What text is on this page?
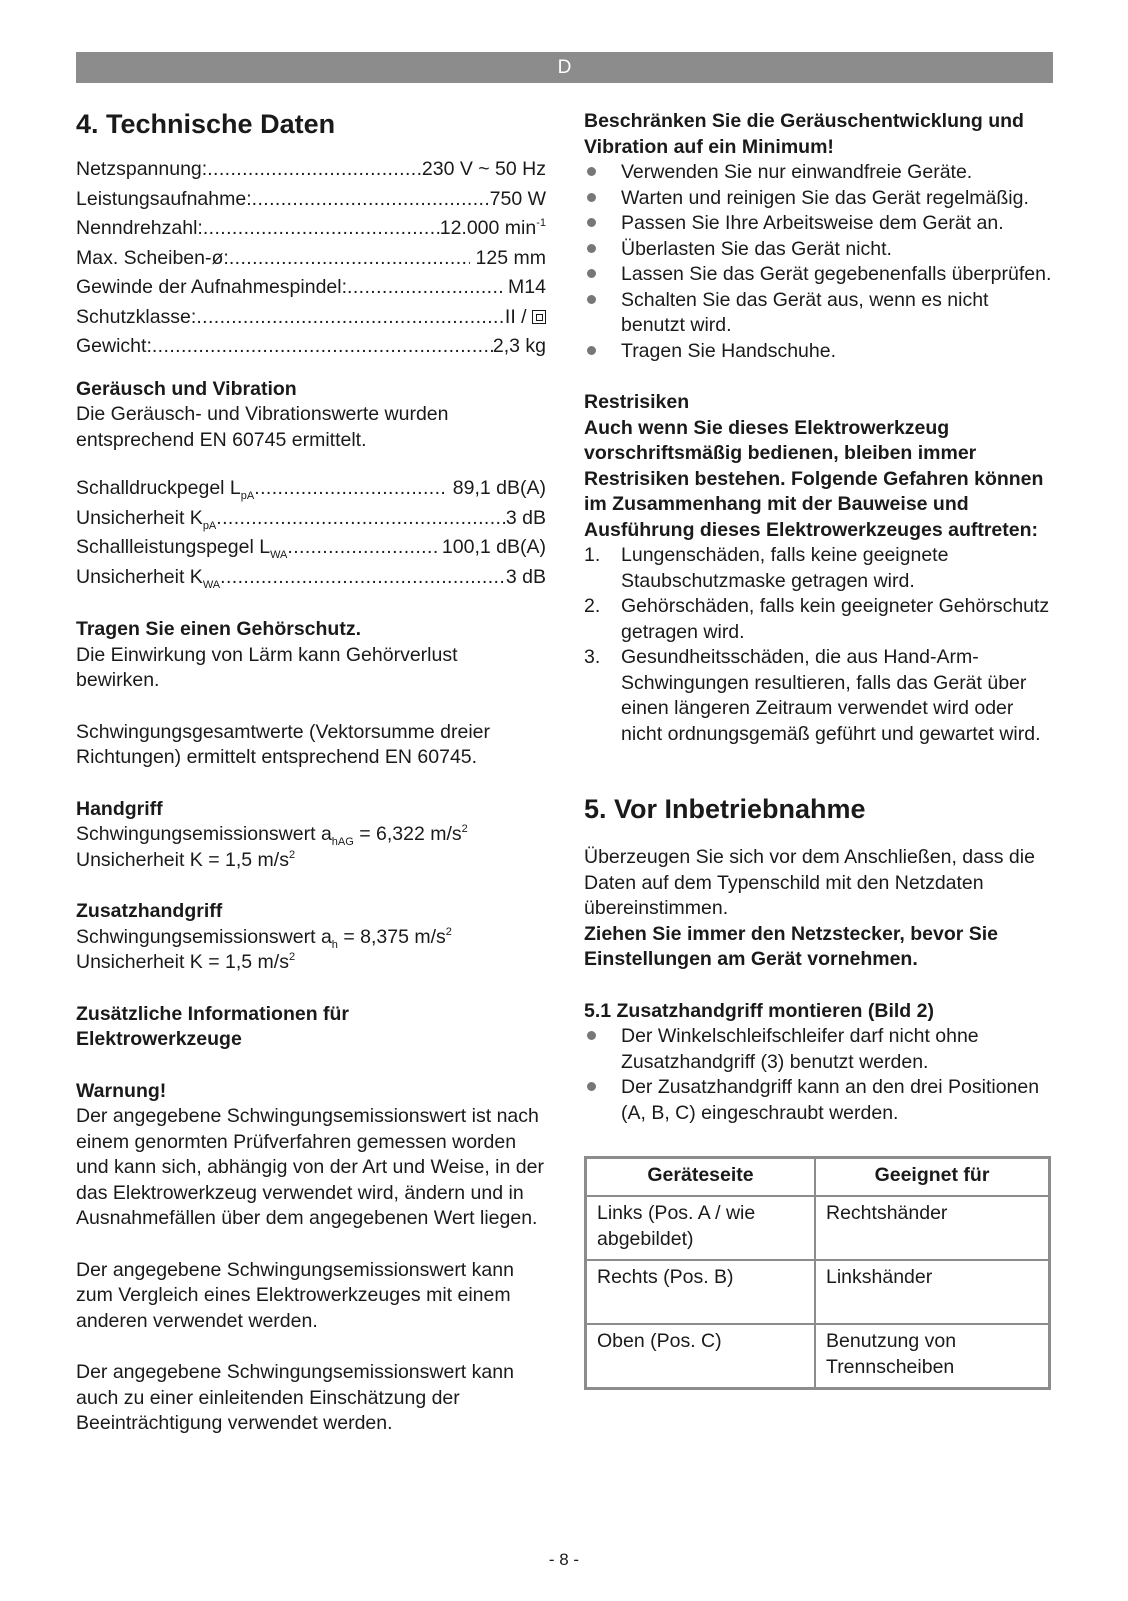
D
4. Technische Daten
Netzspannung: .....	230 V ~ 50 Hz
Leistungsaufnahme: .....	750 W
Nenndrehzahl: .....	12.000 $\min^{-1}$
Max. Scheiben-ø: .....	125 mm
Gewinde der Aufnahmespindel: .....	M14
Schutzklasse: .....	II /
Gewicht: .....	2,3 kg

Geräusch und Vibration

Die Geräusch- und Vibrationswerte wurden entsprechend EN 60745 ermittelt.

Schalldruckpegel $L_{pA}$ .....	89,1 dB(A)
Unsicherheit $K_{pA}$ .....	3 dB
Schallleistungspegel $L_{WA}$ .....	100,1 dB(A)
Unsicherheit $K_{WA}$ .....	3 dB

Tragen Sie einen Gehörschutz.

Die Einwirkung von Lärm kann Gehörverlust bewirken.

Schwingungsgesamtwerte (Vektorsumme dreier Richtungen) ermittelt entsprechend EN 60745.

Handgriff

Schwingungsemissionswert $a_{hAG} = 6,322$ $m/s^2$

Unsicherheit K = 1,5 $m/s^2$

Zusatzhandgriff

Schwingungsemissionswert $a_h = 8,375$ $m/s^2$

Unsicherheit K = 1,5 $m/s^2$

Zusätzliche Informationen für Elektrowerkzeuge

Warnung!

Der angegebene Schwingungsemissionswert ist nach einem genormten Prüfverfahren gemessen worden und kann sich, abhängig von der Art und Weise, in der das Elektrowerkzeug verwendet wird, ändern und in Ausnahmefällen über dem angegebenen Wert liegen.

Der angegebene Schwingungsemissionswert kann zum Vergleich eines Elektrowerkzeuges mit einem anderen verwendet werden.

Der angegebene Schwingungsemissionswert kann auch zu einer einleitenden Einschätzung der Beeinträchtigung verwendet werden.

Beschränken Sie die Geräuschentwicklung und Vibration auf ein Minimum!

Verwenden Sie nur einwandfreie Geräte.
Warten und reinigen Sie das Gerät regelmäßig.
Passen Sie Ihre Arbeitsweise dem Gerät an.
Überlasten Sie das Gerät nicht.
Lassen Sie das Gerät gegebenenfalls überprüfen.
Schalten Sie das Gerät aus, wenn es nicht benutzt wird.
Tragen Sie Handschuhe.

Restrisiken

Auch wenn Sie dieses Elektrowerkzeug vorschriftsmäßig bedienen, bleiben immer Restrisiken bestehen. Folgende Gefahren können im Zusammenhang mit der Bauweise und Ausführung dieses Elektrowerkzeuges auftreten:

1. Lungenschäden, falls keine geeignete Staubschutzmaske getragen wird.
2. Gehörschäden, falls kein geeigneter Gehörschutz getragen wird.
3. Gesundheitsschäden, die aus Hand-Arm-Schwingungen resultieren, falls das Gerät über einen längeren Zeitraum verwendet wird oder nicht ordnungsgemäß geführt und gewartet wird.
5. Vor Inbetriebnahme

Überzeugen Sie sich vor dem Anschließen, dass die Daten auf dem Typenschild mit den Netzdaten übereinstimmen.

Ziehen Sie immer den Netzstecker, bevor Sie Einstellungen am Gerät vornehmen.

5.1 Zusatzhandgriff montieren (Bild 2)

Der Winkelschleifschleifer darf nicht ohne Zusatzhandgriff (3) benutzt werden.
Der Zusatzhandgriff kann an den drei Positionen  (A, B, C) eingeschraubt werden.
Geräteseite	Geeignet für
Links (Pos. A / wie abgebildet)	Rechtshänder
Rechts (Pos. B)	Linkshänder
Oben (Pos. C)	Benutzung von Trennscheiben
- 8 -
